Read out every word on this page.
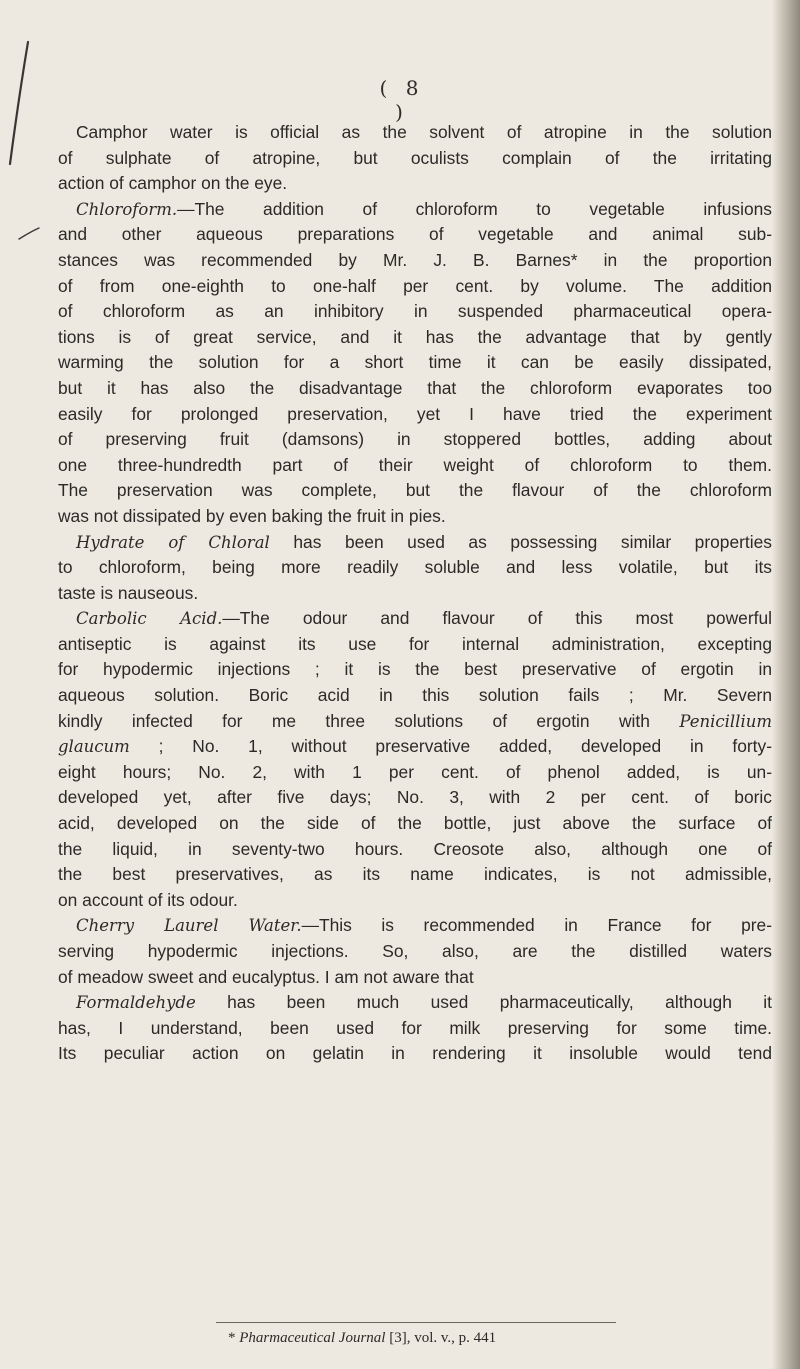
( 8 )
Camphor water is official as the solvent of atropine in the solution
of sulphate of atropine, but oculists complain of the irritating
action of camphor on the eye.
Chloroform.—The addition of chloroform to vegetable infusions
and other aqueous preparations of vegetable and animal sub-
stances was recommended by Mr. J. B. Barnes* in the proportion
of from one-eighth to one-half per cent. by volume. The addition
of chloroform as an inhibitory in suspended pharmaceutical opera-
tions is of great service, and it has the advantage that by gently
warming the solution for a short time it can be easily dissipated,
but it has also the disadvantage that the chloroform evaporates too
easily for prolonged preservation, yet I have tried the experiment
of preserving fruit (damsons) in stoppered bottles, adding about
one three-hundredth part of their weight of chloroform to them.
The preservation was complete, but the flavour of the chloroform
was not dissipated by even baking the fruit in pies.
Hydrate of Chloral has been used as possessing similar properties
to chloroform, being more readily soluble and less volatile, but its
taste is nauseous.
Carbolic Acid.—The odour and flavour of this most powerful
antiseptic is against its use for internal administration, excepting
for hypodermic injections ; it is the best preservative of ergotin in
aqueous solution. Boric acid in this solution fails ; Mr. Severn
kindly infected for me three solutions of ergotin with Penicillium
glaucum ; No. 1, without preservative added, developed in forty-
eight hours; No. 2, with 1 per cent. of phenol added, is un-
developed yet, after five days; No. 3, with 2 per cent. of boric
acid, developed on the side of the bottle, just above the surface of
the liquid, in seventy-two hours. Creosote also, although one of
the best preservatives, as its name indicates, is not admissible,
on account of its odour.
Cherry Laurel Water.—This is recommended in France for pre-
serving hypodermic injections. So, also, are the distilled waters
of meadow sweet and eucalyptus. I am not aware that
Formaldehyde has been much used pharmaceutically, although it
has, I understand, been used for milk preserving for some time.
Its peculiar action on gelatin in rendering it insoluble would tend
* Pharmaceutical Journal [3], vol. v., p. 441
